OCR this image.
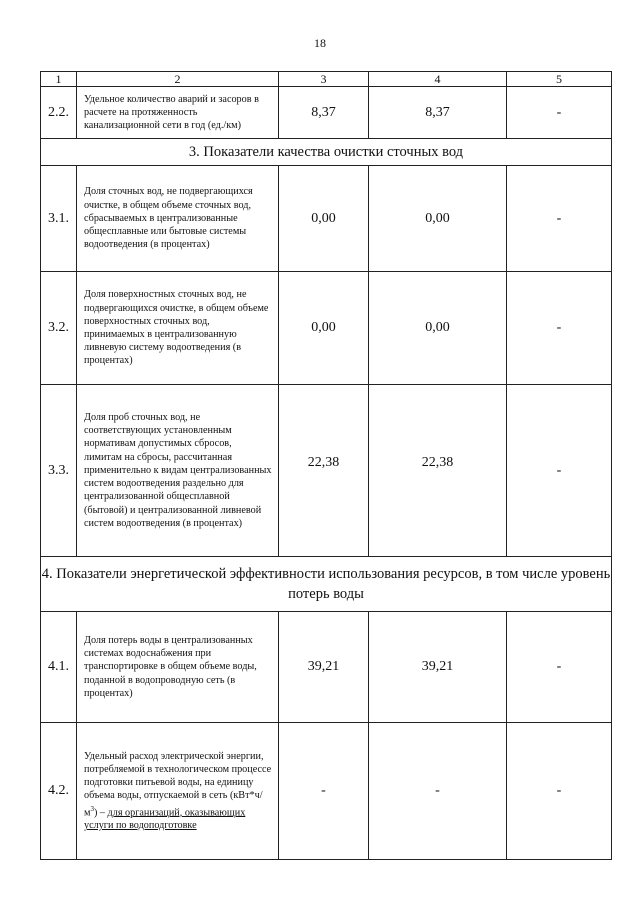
18
1	2	3	4	5
2.2.	Удельное количество аварий и засоров в расчете на протяженность канализационной сети в год (ед./км)	8,37	8,37	-
3. Показатели качества очистки сточных вод				
3.1.	Доля сточных вод, не подвергающихся очистке, в общем объеме сточных вод, сбрасываемых в централизованные общесплавные или бытовые системы водоотведения (в процентах)	0,00	0,00	-
3.2.	Доля поверхностных сточных вод, не подвергающихся очистке, в общем объеме поверхностных сточных вод, принимаемых в централизованную ливневую систему водоотведения (в процентах)	0,00	0,00	-
3.3.	Доля проб сточных вод, не соответствующих установленным нормативам допустимых сбросов, лимитам на сбросы, рассчитанная применительно к видам централизованных систем водоотведения раздельно для централизованной общесплавной (бытовой) и централизованной ливневой систем водоотведения (в процентах)	22,38	22,38	-
4. Показатели энергетической эффективности использования ресурсов, в том числе уровень потерь воды				
4.1.	Доля потерь воды в централизованных системах водоснабжения при транспортировке в общем объеме воды, поданной в водопроводную сеть (в процентах)	39,21	39,21	-
4.2.	Удельный расход электрической энергии, потребляемой в технологическом процессе подготовки питьевой воды, на единицу объема воды, отпускаемой в сеть $(кВт*ч/м^3)$ – для организаций, оказывающих услуги по водоподготовке	-	-	-
